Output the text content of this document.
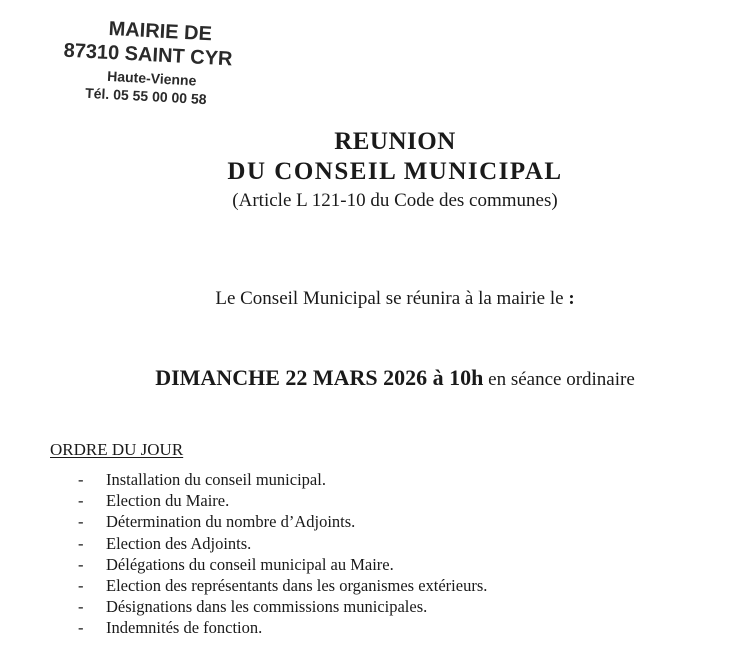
MAIRIE DE
87310 SAINT CYR
Haute-Vienne
Tél. 05 55 00 00 58
REUNION
DU CONSEIL MUNICIPAL
(Article L 121-10 du Code des communes)
Le Conseil Municipal se réunira à la mairie le :
DIMANCHE 22 MARS 2026 à 10h en séance ordinaire
ORDRE DU JOUR
- Installation du conseil municipal.
- Election du Maire.
- Détermination du nombre d’Adjoints.
- Election des Adjoints.
- Délégations du conseil municipal au Maire.
- Election des représentants dans les organismes extérieurs.
- Désignations dans les commissions municipales.
- Indemnités de fonction.
